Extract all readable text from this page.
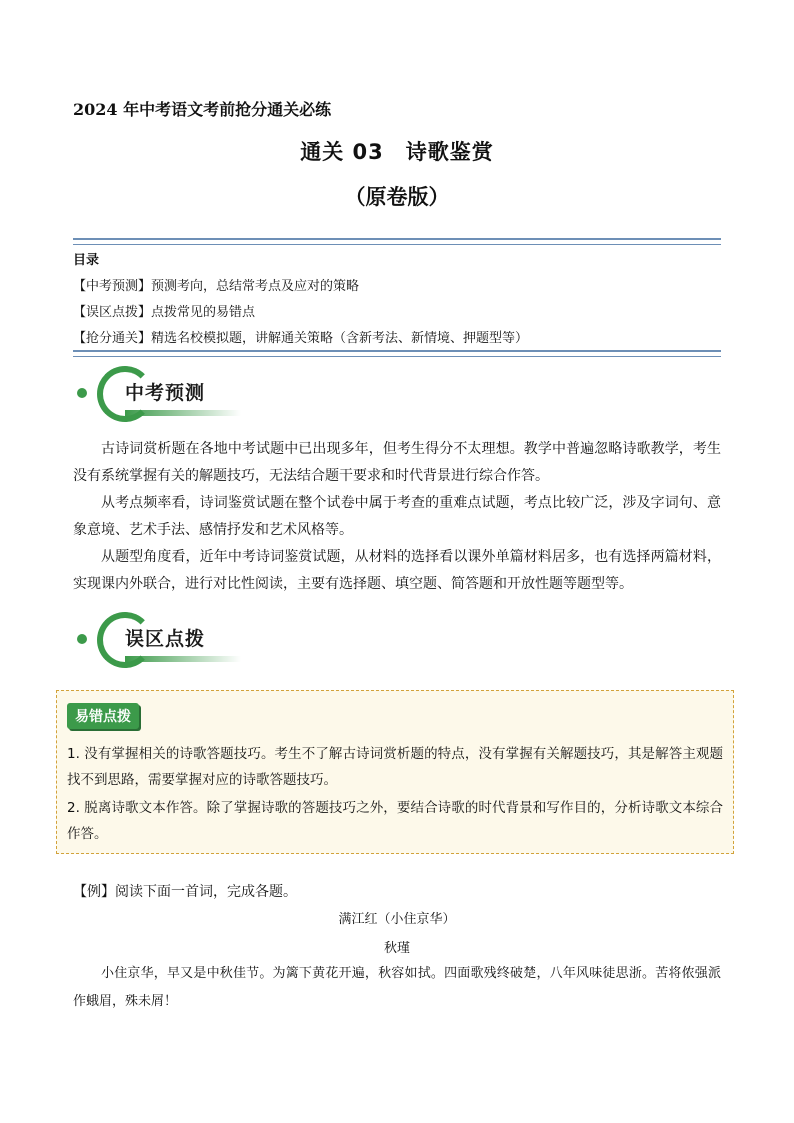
2024 年中考语文考前抢分通关必练
通关 03　诗歌鉴赏
（原卷版）
目录
【中考预测】预测考向，总结常考点及应对的策略
【误区点拨】点拨常见的易错点
【抢分通关】精选名校模拟题，讲解通关策略（含新考法、新情境、押题型等）
中考预测
古诗词赏析题在各地中考试题中已出现多年，但考生得分不太理想。教学中普遍忽略诗歌教学，考生没有系统掌握有关的解题技巧，无法结合题干要求和时代背景进行综合作答。
从考点频率看，诗词鉴赏试题在整个试卷中属于考查的重难点试题，考点比较广泛，涉及字词句、意象意境、艺术手法、感情抒发和艺术风格等。
从题型角度看，近年中考诗词鉴赏试题，从材料的选择看以课外单篇材料居多，也有选择两篇材料，实现课内外联合，进行对比性阅读，主要有选择题、填空题、简答题和开放性题等题型等。
误区点拨
易错点拨
1. 没有掌握相关的诗歌答题技巧。考生不了解古诗词赏析题的特点，没有掌握有关解题技巧，其是解答主观题找不到思路，需要掌握对应的诗歌答题技巧。
2. 脱离诗歌文本作答。除了掌握诗歌的答题技巧之外，要结合诗歌的时代背景和写作目的，分析诗歌文本综合作答。
【例】阅读下面一首词，完成各题。
满江红（小住京华）
秋瑾
小住京华，早又是中秋佳节。为篱下黄花开遍，秋容如拭。四面歌残终破楚，八年风味徒思浙。苦将侬强派作蛾眉，殊未屑！
